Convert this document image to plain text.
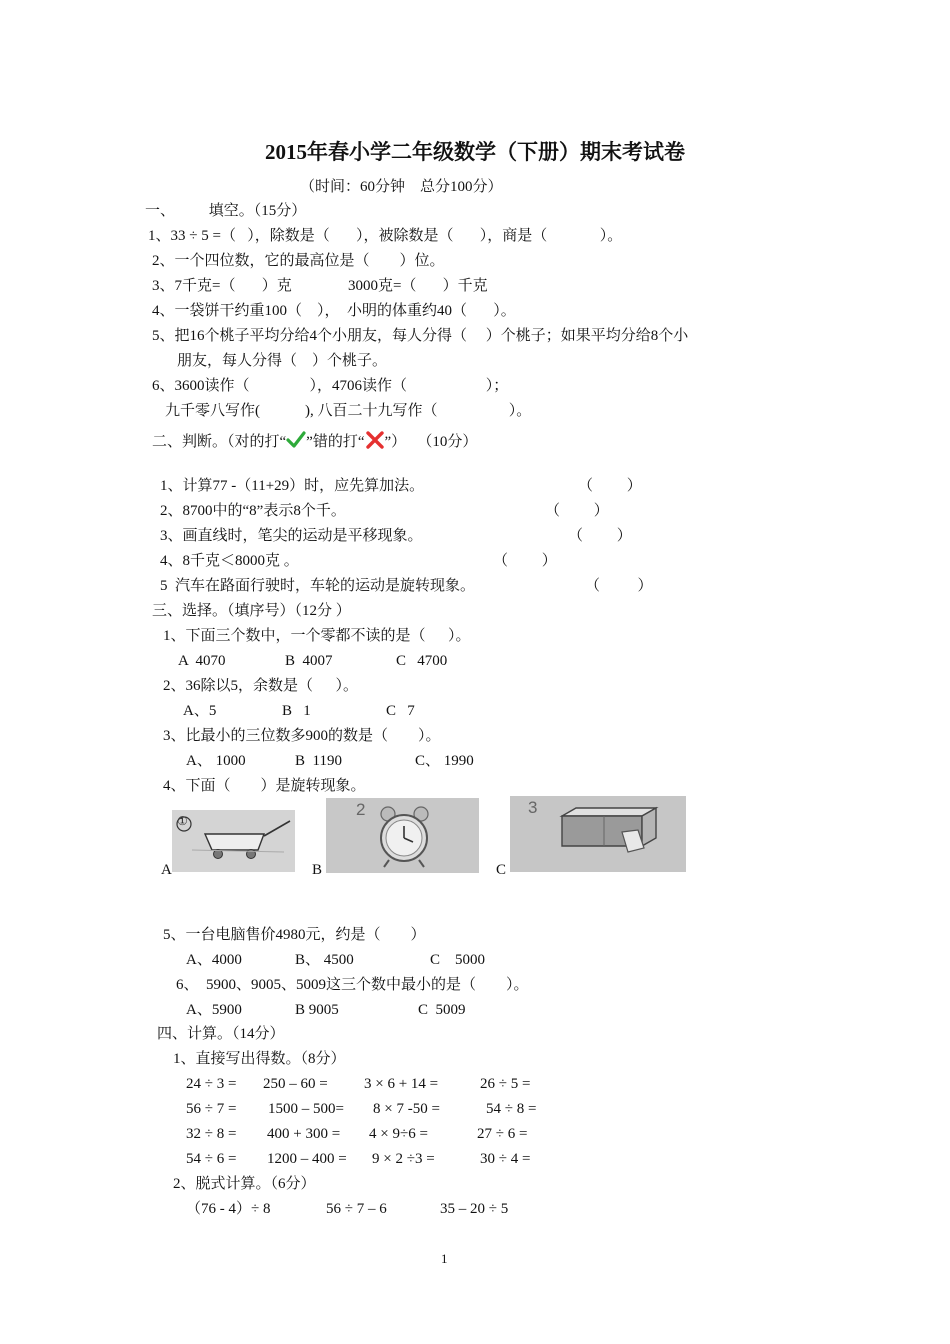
2015年春小学二年级数学（下册）期末考试卷
（时间：60分钟    总分100分）
一、         填空。（15分）
1、33 ÷ 5 =（   ），除数是（       ），被除数是（       ），商是（              ）。
2、一个四位数，它的最高位是（        ）位。
3、7千克=（       ）克               3000克=（       ）千克
4、一袋饼干约重100（    ），  小明的体重约40（       ）。
5、把16个桃子平均分给4个小朋友，每人分得（     ）个桃子；如果平均分给8个小
朋友，每人分得（    ）个桃子。
6、3600读作（                ），4706读作（                     ）；
九千零八写作(            ), 八百二十九写作（                   ）。
二、判断。（对的打“ ”错的打“ ”）   （10分）
1、计算77 -（11+29）时，应先算加法。	（         ）
2、8700中的“8”表示8个千。	（         ）
3、画直线时，笔尖的运动是平移现象。	（         ）
4、8千克＜8000克 。	（         ）
5  汽车在路面行驶时，车轮的运动是旋转现象。	（          ）
三、选择。（填序号）（12分 ）
1、下面三个数中，一个零都不读的是（      ）。
A  4070	B  4007	C   4700
2、36除以5，余数是（      ）。
A、5	B   1	C   7
3、比最小的三位数多900的数是（        ）。
A、 1000	B  1190	C、 1990
4、下面（        ）是旋转现象。
A
①
B
2
C
3
5、一台电脑售价4980元，约是（        ）
A、4000	B、 4500	C    5000
6、  5900、9005、5009这三个数中最小的是（        ）。
A、5900	B 9005	C  5009
四、计算。（14分）
1、直接写出得数。（8分）
24 ÷ 3 = 250 – 60 = 3 × 6 + 14 =	26 ÷ 5 =
56 ÷ 7 = 1500 – 500= 8 × 7 -50 =	54 ÷ 8 =
32 ÷ 8 = 400 + 300 = 4 × 9÷6 =	27 ÷ 6 =
54 ÷ 6 = 1200 – 400 = 9 × 2 ÷3 =	30 ÷ 4 =
2、脱式计算。（6分）
（76 - 4）÷ 8	56 ÷ 7 – 6	35 – 20 ÷ 5
1
